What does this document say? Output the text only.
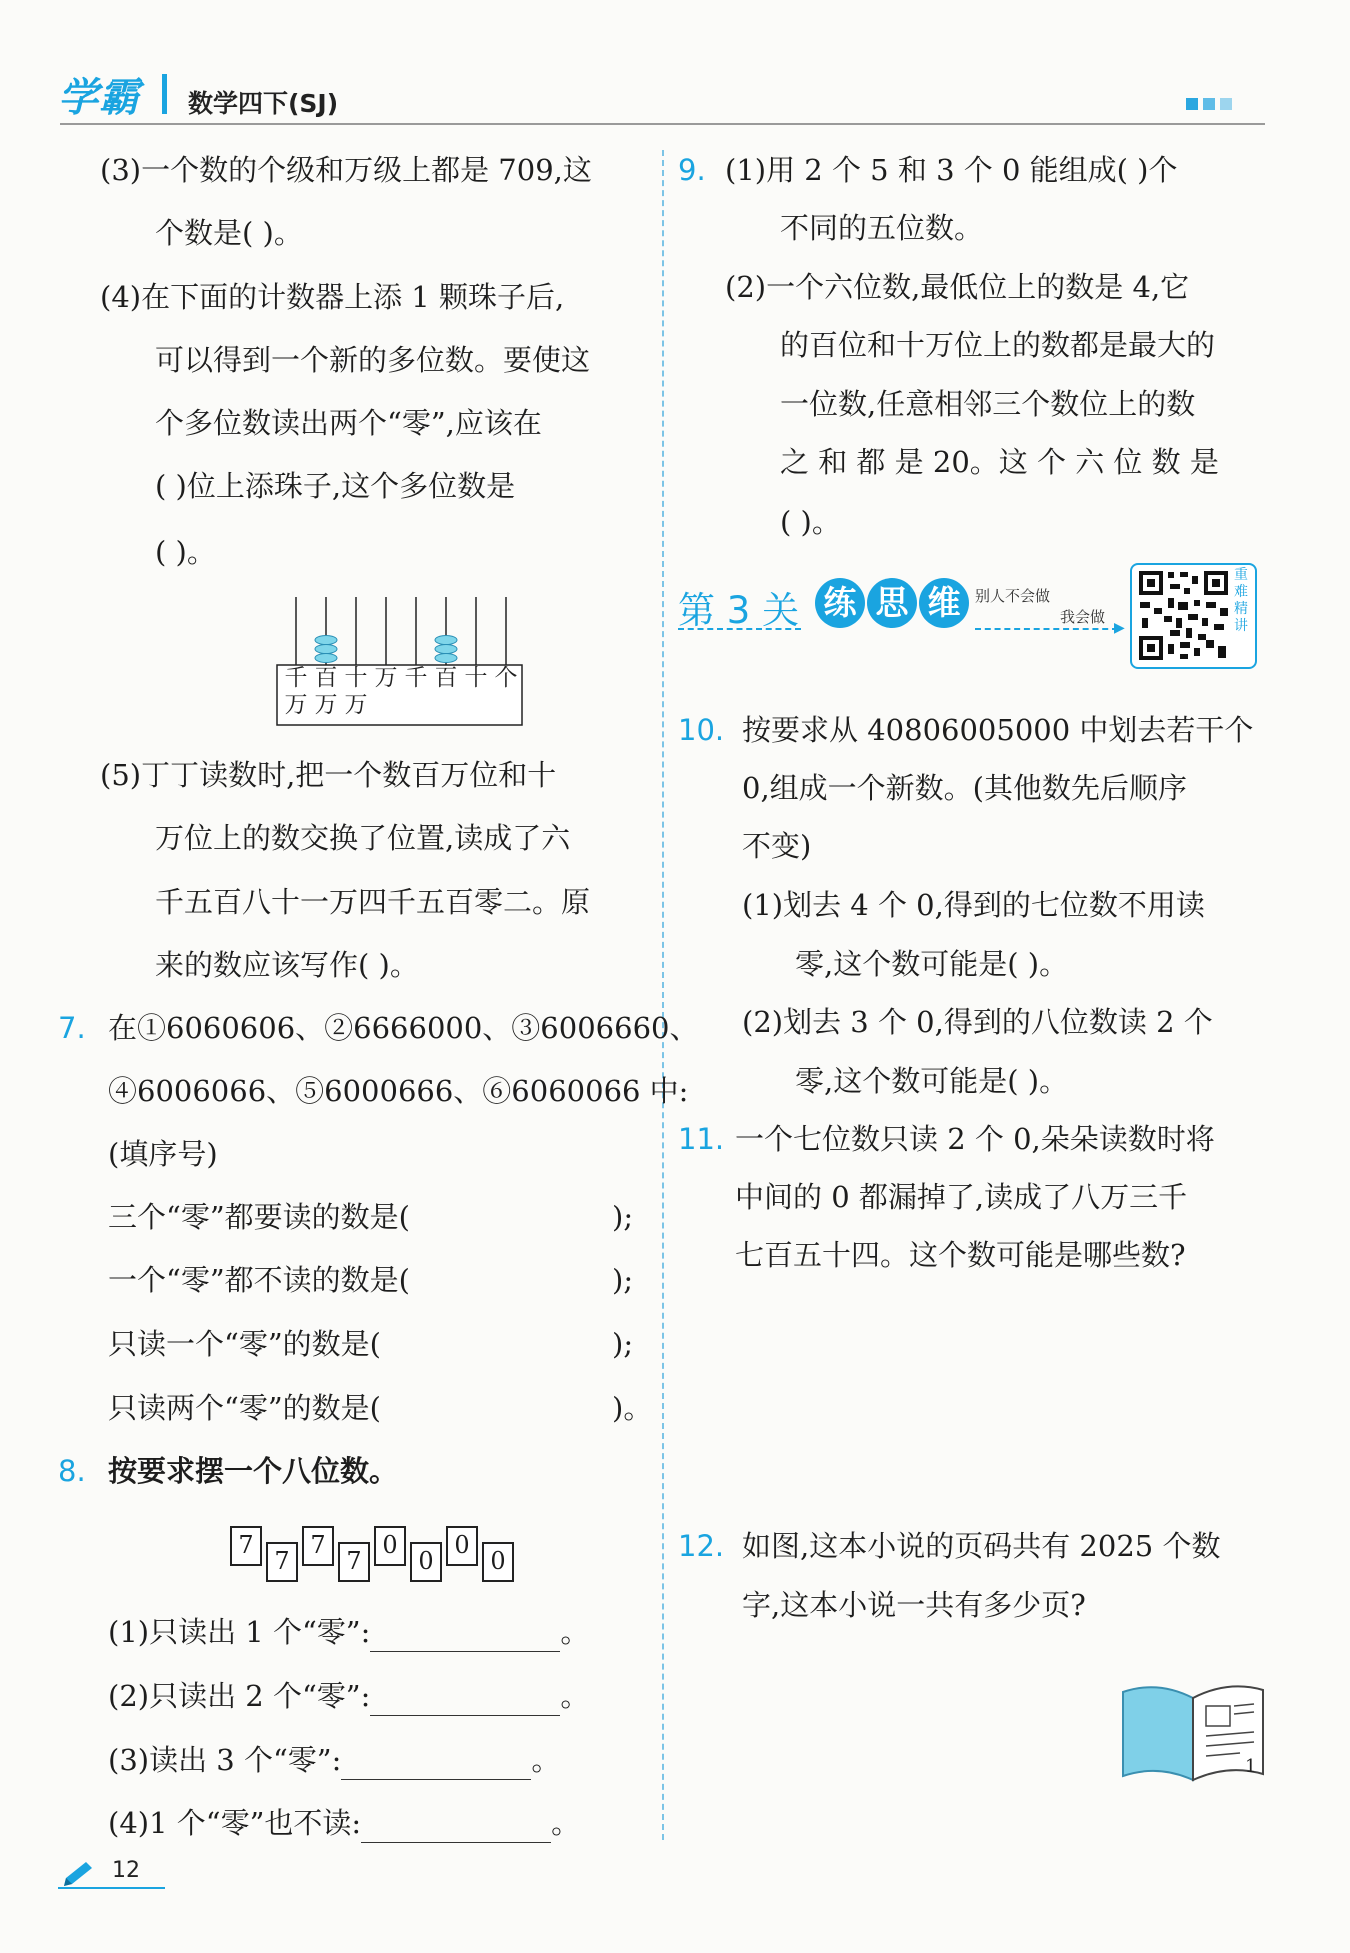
学霸 数学四下(SJ)
(3)一个数的个级和万级上都是 709,这
个数是( )。
(4)在下面的计数器上添 1 颗珠子后,
可以得到一个新的多位数。要使这
个多位数读出两个“零”,应该在
( )位上添珠子,这个多位数是
( )。
千
万
百
万
十
万
万 千 百 十 个
(5)丁丁读数时,把一个数百万位和十
万位上的数交换了位置,读成了六
千五百八十一万四千五百零二。原
来的数应该写作( )。
7. 在①6060606、②6666000、③6006660、
④6006066、⑤6000666、⑥6060066 中:
(填序号)
三个“零”都要读的数是(	);
一个“零”都不读的数是(	);
只读一个“零”的数是(	);
只读两个“零”的数是(	)。
8. 按要求摆一个八位数。
7
7
7
7
0
0
0
0
(1)只读出 1 个“零”:	。
(2)只读出 2 个“零”:	。
(3)读出 3 个“零”:	。
(4)1 个“零”也不读:	。
9. (1)用 2 个 5 和 3 个 0 能组成( )个
不同的五位数。
(2)一个六位数,最低位上的数是 4,它
的百位和十万位上的数都是最大的
一位数,任意相邻三个数位上的数
之 和 都 是 20。这 个 六 位 数 是
( )。
第 3 关 练 思 维 别人不会做
我会做
▶
重难精讲
10. 按要求从 40806005000 中划去若干个
0,组成一个新数。(其他数先后顺序
不变)
(1)划去 4 个 0,得到的七位数不用读
零,这个数可能是( )。
(2)划去 3 个 0,得到的八位数读 2 个
零,这个数可能是( )。
11. 一个七位数只读 2 个 0,朵朵读数时将
中间的 0 都漏掉了,读成了八万三千
七百五十四。这个数可能是哪些数?
12. 如图,这本小说的页码共有 2025 个数
字,这本小说一共有多少页?
1
12
